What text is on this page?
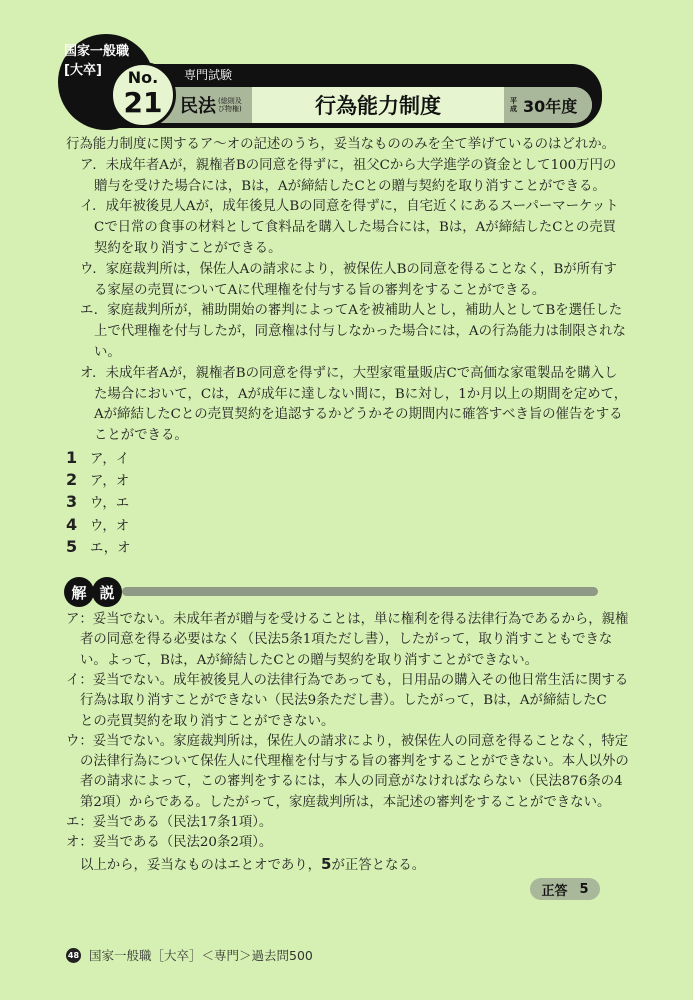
国家一般職
[大卒]	専門試験
民法 (総則及び物権)	行為能力制度	平成 30年度
No.
21
行為能力制度に関するア～オの記述のうち，妥当なもののみを全て挙げているのはどれか。
ア．未成年者Aが，親権者Bの同意を得ずに，祖父Cから大学進学の資金として100万円の
贈与を受けた場合には，Bは，Aが締結したCとの贈与契約を取り消すことができる。
イ．成年被後見人Aが，成年後見人Bの同意を得ずに，自宅近くにあるスーパーマーケット
Cで日常の食事の材料として食料品を購入した場合には，Bは，Aが締結したCとの売買
契約を取り消すことができる。
ウ．家庭裁判所は，保佐人Aの請求により，被保佐人Bの同意を得ることなく，Bが所有す
る家屋の売買についてAに代理権を付与する旨の審判をすることができる。
エ．家庭裁判所が，補助開始の審判によってAを被補助人とし，補助人としてBを選任した
上で代理権を付与したが，同意権は付与しなかった場合には，Aの行為能力は制限されな
い。
オ．未成年者Aが，親権者Bの同意を得ずに，大型家電量販店Cで高価な家電製品を購入し
た場合において，Cは，Aが成年に達しない間に，Bに対し，1か月以上の期間を定めて，
Aが締結したCとの売買契約を追認するかどうかその期間内に確答すべき旨の催告をする
ことができる。
1 ア，イ
2 ア，オ
3 ウ，エ
4 ウ，オ
5 エ，オ
解 説
ア：妥当でない。未成年者が贈与を受けることは，単に権利を得る法律行為であるから，親権
者の同意を得る必要はなく（民法5条1項ただし書），したがって，取り消すこともできな
い。よって，Bは，Aが締結したCとの贈与契約を取り消すことができない。
イ：妥当でない。成年被後見人の法律行為であっても，日用品の購入その他日常生活に関する
行為は取り消すことができない（民法9条ただし書）。したがって，Bは，Aが締結したC
との売買契約を取り消すことができない。
ウ：妥当でない。家庭裁判所は，保佐人の請求により，被保佐人の同意を得ることなく，特定
の法律行為について保佐人に代理権を付与する旨の審判をすることができない。本人以外の
者の請求によって，この審判をするには，本人の同意がなければならない（民法876条の4
第2項）からである。したがって，家庭裁判所は，本記述の審判をすることができない。
エ：妥当である（民法17条1項）。
オ：妥当である（民法20条2項）。
以上から，妥当なものはエとオであり，5が正答となる。
正答 5
48 国家一般職［大卒］＜専門＞過去問500
